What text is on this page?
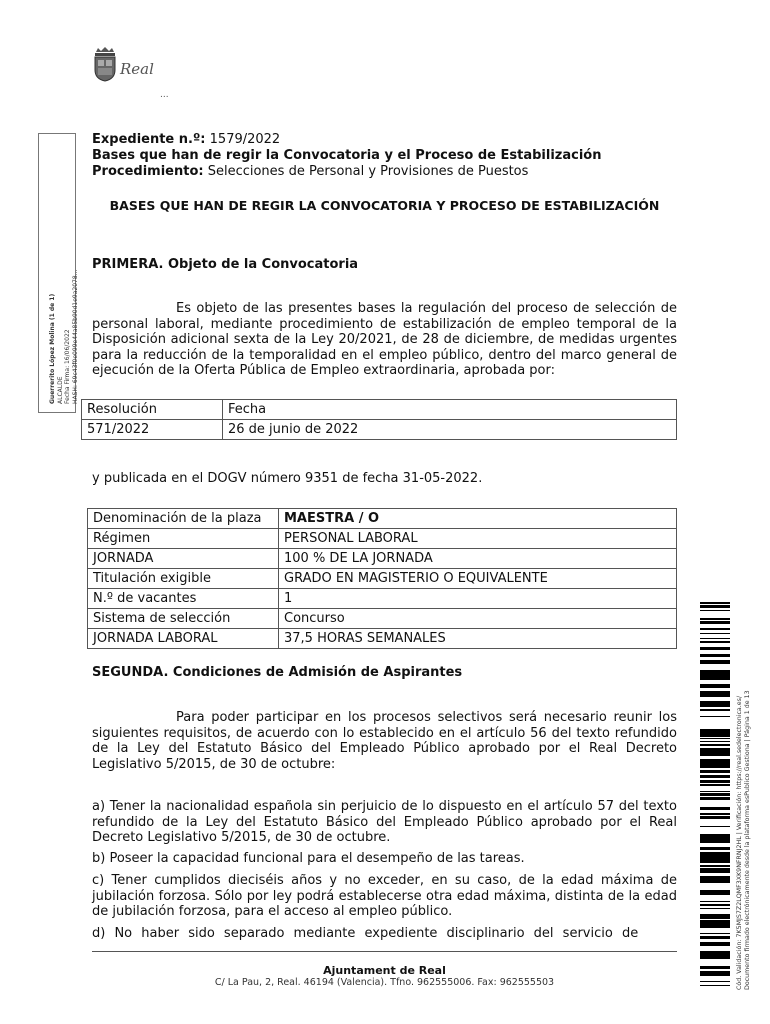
Real
...
Guerrerito López Molina (1 de 1)
ALCALDE
Fecha Firma: 16/06/2022
HASH: 69c43f0e099e44a85b90d1e9a2078...
Expediente n.º: 1579/2022
Bases que han de regir la Convocatoria y el Proceso de Estabilización
Procedimiento: Selecciones de Personal y Provisiones de Puestos
BASES QUE HAN DE REGIR LA CONVOCATORIA Y PROCESO DE ESTABILIZACIÓN
PRIMERA. Objeto de la Convocatoria
Es objeto de las presentes bases la regulación del proceso de selección de personal laboral, mediante procedimiento de estabilización de empleo temporal de la Disposición adicional sexta de la Ley 20/2021, de 28 de diciembre, de medidas urgentes para la reducción de la temporalidad en el empleo público, dentro del marco general de ejecución de la Oferta Pública de Empleo extraordinaria, aprobada por:
Resolución	Fecha
571/2022	26 de junio de 2022
y publicada en el DOGV número 9351 de fecha 31-05-2022.
Denominación de la plaza	MAESTRA / O
Régimen	PERSONAL LABORAL
JORNADA	100 % DE LA JORNADA
Titulación exigible	GRADO EN MAGISTERIO O EQUIVALENTE
N.º de vacantes	1
Sistema de selección	Concurso
JORNADA LABORAL	37,5 HORAS SEMANALES
SEGUNDA. Condiciones de Admisión de Aspirantes
Para poder participar en los procesos selectivos será necesario reunir los siguientes requisitos, de acuerdo con lo establecido en el artículo 56 del texto refundido de la Ley del Estatuto Básico del Empleado Público aprobado por el Real Decreto Legislativo 5/2015, de 30 de octubre:
a) Tener la nacionalidad española sin perjuicio de lo dispuesto en el artículo 57 del texto refundido de la Ley del Estatuto Básico del Empleado Público aprobado por el Real Decreto Legislativo 5/2015, de 30 de octubre.
b) Poseer la capacidad funcional para el desempeño de las tareas.
c) Tener cumplidos dieciséis años y no exceder, en su caso, de la edad máxima de jubilación forzosa. Sólo por ley podrá establecerse otra edad máxima, distinta de la edad de jubilación forzosa, para el acceso al empleo público.
d) No haber sido separado mediante expediente disciplinario del servicio de
Ajuntament de Real
C/ La Pau, 2, Real. 46194 (Valencia). Tfno. 962555006. Fax: 962555503	Cód. Validación: 7K5MJS7Z2LQMF3XK9NFRNJ2HL | Verificación: https://real.sedelectronica.es/ Documento firmado electrónicamente desde la plataforma esPublico Gestiona | Página 1 de 13
